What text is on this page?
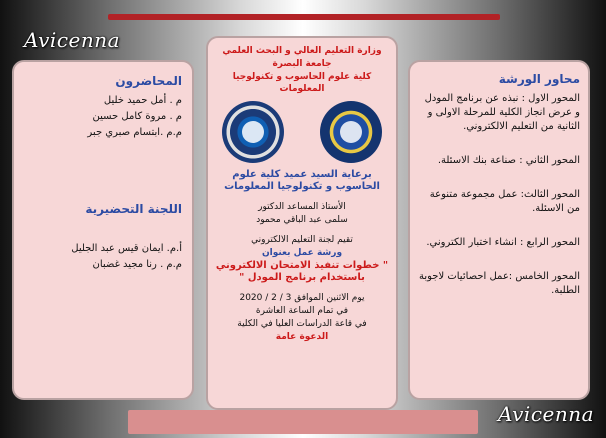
Avicenna
Avicenna
المحاضرون
م . أمل حميد خليل
م . مروة كامل حسين
م.م .ابتسام صبري جبر
اللجنة التحضيرية
أ.م. ايمان قيس عبد الجليل
م.م . رنا مجيد غضبان
وزارة التعليم العالي و البحث العلمي
جامعة البصرة
كلية علوم الحاسوب و تكنولوجيا المعلومات
برعاية السيد عميد كلية علوم الحاسوب و تكنولوجيا المعلومات
الأستاذ المساعد الدكتور
سلمى عبد الباقي محمود
تقيم لجنة التعليم الالكتروني
ورشة عمل بعنوان
" خطوات تنفيذ الامتحان الالكتروني باستخدام برنامج المودل "
يوم الاثنين الموافق 3 / 2 / 2020
في تمام الساعة العاشرة
في قاعة الدراسات العليا في الكلية
الدعوة عامة
محاور الورشة
المحور الاول : نبذه عن برنامج المودل و عرض انجاز الكلية للمرحلة الاولى و الثانية من التعليم الالكتروني.
المحور الثاني : صناعة بنك الاسئلة.
المحور الثالث: عمل مجموعة متنوعة من الاسئلة.
المحور الرابع : انشاء اختبار الكتروني.
المحور الخامس :عمل احصائيات لاجوبة الطلبة.
